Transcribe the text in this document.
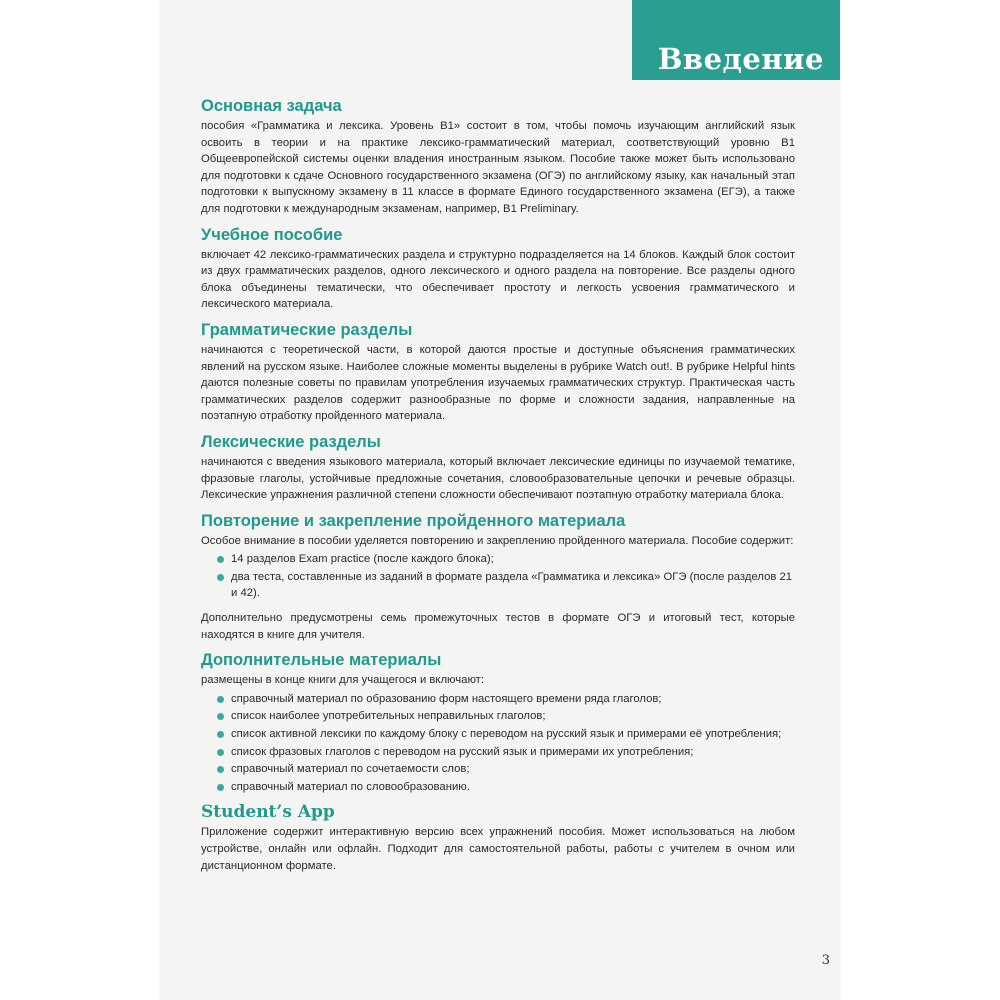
Введение
Основная задача

пособия «Грамматика и лексика. Уровень В1» состоит в том, чтобы помочь изучающим английский язык освоить в теории и на практике лексико-грамматический материал, соответствующий уровню В1 Общеевропейской системы оценки владения иностранным языком. Пособие также может быть использовано для подготовки к сдаче Основного государственного экзамена (ОГЭ) по английскому языку, как начальный этап подготовки к выпускному экзамену в 11 классе в формате Единого государственного экзамена (ЕГЭ), а также для подготовки к международным экзаменам, например, B1 Preliminary.

Учебное пособие

включает 42 лексико-грамматических раздела и структурно подразделяется на 14 блоков. Каждый блок состоит из двух грамматических разделов, одного лексического и одного раздела на повторение. Все разделы одного блока объединены тематически, что обеспечивает простоту и легкость усвоения грамматического и лексического материала.

Грамматические разделы

начинаются с теоретической части, в которой даются простые и доступные объяснения грамматических явлений на русском языке. Наиболее сложные моменты выделены в рубрике Watch out!. В рубрике Helpful hints даются полезные советы по правилам употребления изучаемых грамматических структур. Практическая часть грамматических разделов содержит разнообразные по форме и сложности задания, направленные на поэтапную отработку пройденного материала.

Лексические разделы

начинаются с введения языкового материала, который включает лексические единицы по изучаемой тематике, фразовые глаголы, устойчивые предложные сочетания, словообразовательные цепочки и речевые образцы. Лексические упражнения различной степени сложности обеспечивают поэтапную отработку материала блока.

Повторение и закрепление пройденного материала

Особое внимание в пособии уделяется повторению и закреплению пройденного материала. Пособие содержит:

14 разделов Exam practice (после каждого блока);
два теста, составленные из заданий в формате раздела «Грамматика и лексика» ОГЭ (после разделов 21 и 42).

Дополнительно предусмотрены семь промежуточных тестов в формате ОГЭ и итоговый тест, которые находятся в книге для учителя.

Дополнительные материалы

размещены в конце книги для учащегося и включают:

справочный материал по образованию форм настоящего времени ряда глаголов;
список наиболее употребительных неправильных глаголов;
список активной лексики по каждому блоку с переводом на русский язык и примерами её употребления;
список фразовых глаголов с переводом на русский язык и примерами их употребления;
справочный материал по сочетаемости слов;
справочный материал по словообразованию.
Student’s App

Приложение содержит интерактивную версию всех упражнений пособия. Может использоваться на любом устройстве, онлайн или офлайн. Подходит для самостоятельной работы, работы с учителем в очном или дистанционном формате.

3
